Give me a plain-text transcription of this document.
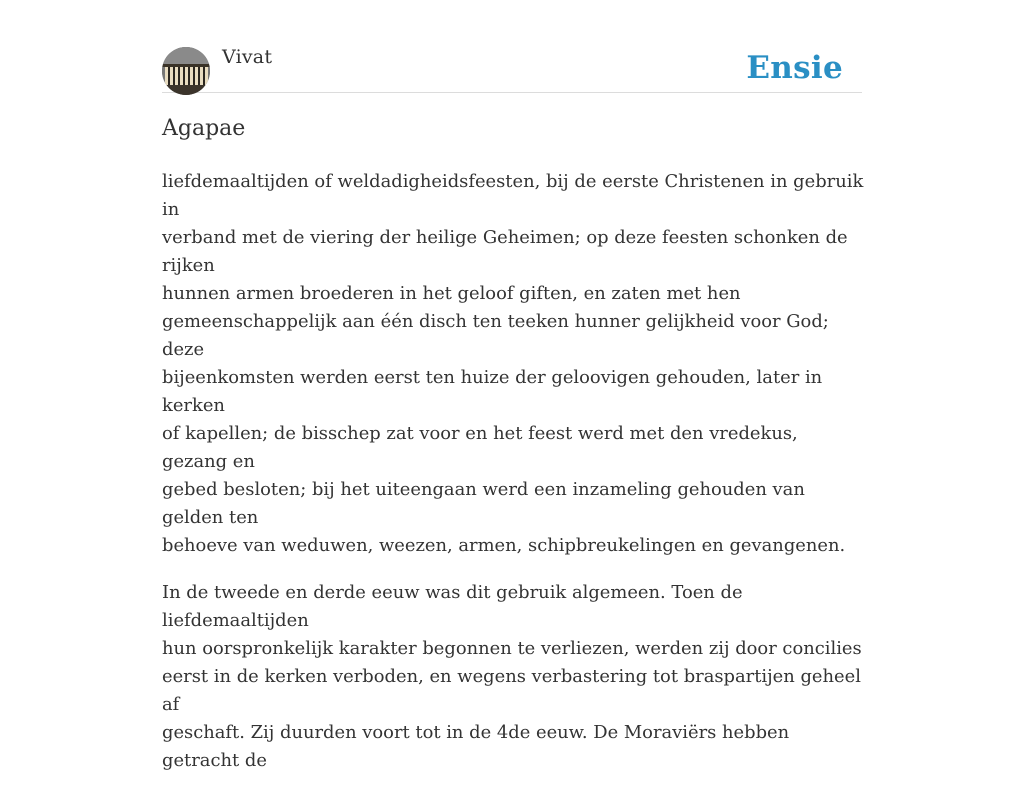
Vivat	Ensie
Agapae

liefdemaaltijden of weldadigheidsfeesten, bij de eerste Christenen in gebruik in
verband met de viering der heilige Geheimen; op deze feesten schonken de rijken
hunnen armen broederen in het geloof giften, en zaten met hen
gemeenschappelijk aan één disch ten teeken hunner gelijkheid voor God; deze
bijeenkomsten werden eerst ten huize der geloovigen gehouden, later in kerken
of kapellen; de bisschep zat voor en het feest werd met den vredekus, gezang en
gebed besloten; bij het uiteengaan werd een inzameling gehouden van gelden ten
behoeve van weduwen, weezen, armen, schipbreukelingen en gevangenen.

In de tweede en derde eeuw was dit gebruik algemeen. Toen de liefdemaaltijden
hun oorspronkelijk karakter begonnen te verliezen, werden zij door concilies
eerst in de kerken verboden, en wegens verbastering tot braspartijen geheel af
geschaft. Zij duurden voort tot in de 4de eeuw. De Moraviërs hebben getracht de
